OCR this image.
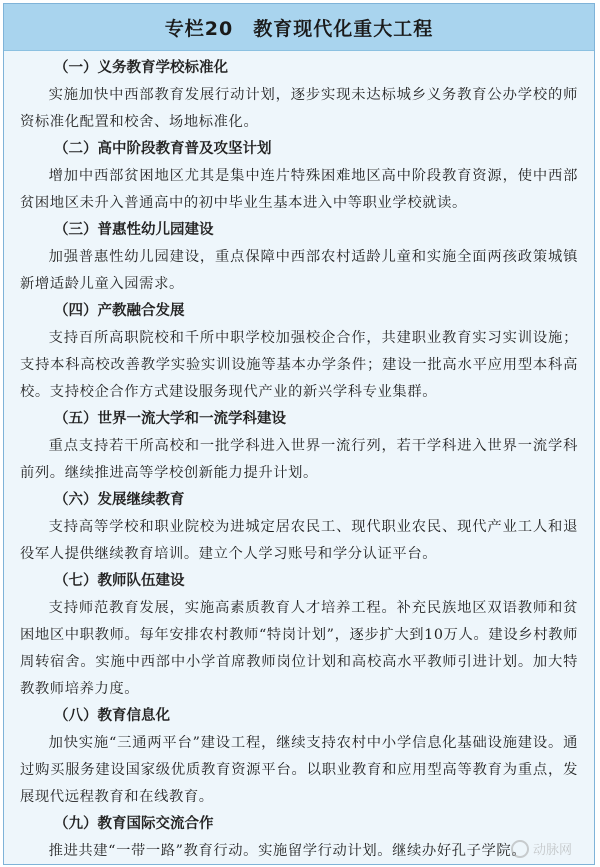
专栏20　教育现代化重大工程
（一）义务教育学校标准化
实施加快中西部教育发展行动计划，逐步实现未达标城乡义务教育公办学校的师资标准化配置和校舍、场地标准化。
（二）高中阶段教育普及攻坚计划
增加中西部贫困地区尤其是集中连片特殊困难地区高中阶段教育资源，使中西部贫困地区未升入普通高中的初中毕业生基本进入中等职业学校就读。
（三）普惠性幼儿园建设
加强普惠性幼儿园建设，重点保障中西部农村适龄儿童和实施全面两孩政策城镇新增适龄儿童入园需求。
（四）产教融合发展
支持百所高职院校和千所中职学校加强校企合作，共建职业教育实习实训设施；支持本科高校改善教学实验实训设施等基本办学条件；建设一批高水平应用型本科高校。支持校企合作方式建设服务现代产业的新兴学科专业集群。
（五）世界一流大学和一流学科建设
重点支持若干所高校和一批学科进入世界一流行列，若干学科进入世界一流学科前列。继续推进高等学校创新能力提升计划。
（六）发展继续教育
支持高等学校和职业院校为进城定居农民工、现代职业农民、现代产业工人和退役军人提供继续教育培训。建立个人学习账号和学分认证平台。
（七）教师队伍建设
支持师范教育发展，实施高素质教育人才培养工程。补充民族地区双语教师和贫困地区中职教师。每年安排农村教师“特岗计划”，逐步扩大到10万人。建设乡村教师周转宿舍。实施中西部中小学首席教师岗位计划和高校高水平教师引进计划。加大特教教师培养力度。
（八）教育信息化
加快实施“三通两平台”建设工程，继续支持农村中小学信息化基础设施建设。通过购买服务建设国家级优质教育资源平台。以职业教育和应用型高等教育为重点，发展现代远程教育和在线教育。
（九）教育国际交流合作
推进共建“一带一路”教育行动。实施留学行动计划。继续办好孔子学院。 动脉网
